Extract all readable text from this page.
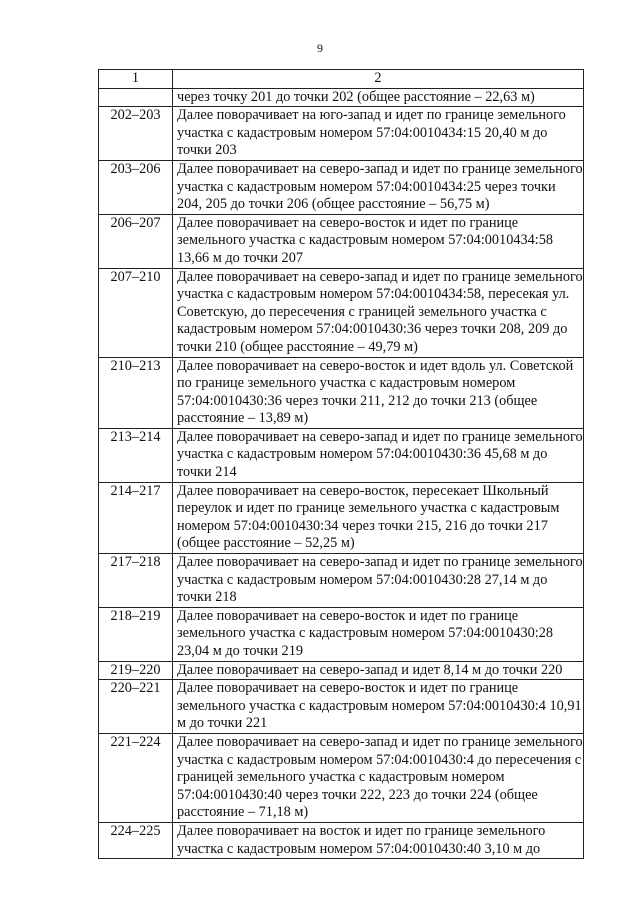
9
1	2
	через точку 201 до точки 202 (общее расстояние – 22,63 м)
202–203	Далее поворачивает на юго-запад и идет по границе земельного участка с кадастровым номером 57:04:0010434:15 20,40 м до точки 203
203–206	Далее поворачивает на северо-запад и идет по границе земельного участка с кадастровым номером 57:04:0010434:25 через точки 204, 205 до точки 206 (общее расстояние – 56,75 м)
206–207	Далее поворачивает на северо-восток и идет по границе земельного участка с кадастровым номером 57:04:0010434:58 13,66 м до точки 207
207–210	Далее поворачивает на северо-запад и идет по границе земельного участка с кадастровым номером 57:04:0010434:58, пересекая ул. Советскую, до пересечения с границей земельного участка с кадастровым номером 57:04:0010430:36 через точки 208, 209 до точки 210 (общее расстояние – 49,79 м)
210–213	Далее поворачивает на северо-восток и идет вдоль ул. Советской по границе земельного участка с кадастровым номером 57:04:0010430:36 через точки 211, 212 до точки 213 (общее расстояние – 13,89 м)
213–214	Далее поворачивает на северо-запад и идет по границе земельного участка с кадастровым номером 57:04:0010430:36 45,68 м до точки 214
214–217	Далее поворачивает на северо-восток, пересекает Школьный переулок и идет по границе земельного участка с кадастровым номером 57:04:0010430:34 через точки 215, 216 до точки 217 (общее расстояние – 52,25 м)
217–218	Далее поворачивает на северо-запад и идет по границе земельного участка с кадастровым номером 57:04:0010430:28 27,14 м до точки 218
218–219	Далее поворачивает на северо-восток и идет по границе земельного участка с кадастровым номером 57:04:0010430:28 23,04 м до точки 219
219–220	Далее поворачивает на северо-запад и идет 8,14 м до точки 220
220–221	Далее поворачивает на северо-восток и идет по границе земельного участка с кадастровым номером 57:04:0010430:4 10,91 м до точки 221
221–224	Далее поворачивает на северо-запад и идет по границе земельного участка с кадастровым номером 57:04:0010430:4 до пересечения с границей земельного участка с кадастровым номером 57:04:0010430:40 через точки 222, 223 до точки 224 (общее расстояние – 71,18 м)
224–225	Далее поворачивает на восток и идет по границе земельного участка с кадастровым номером 57:04:0010430:40 3,10 м до
